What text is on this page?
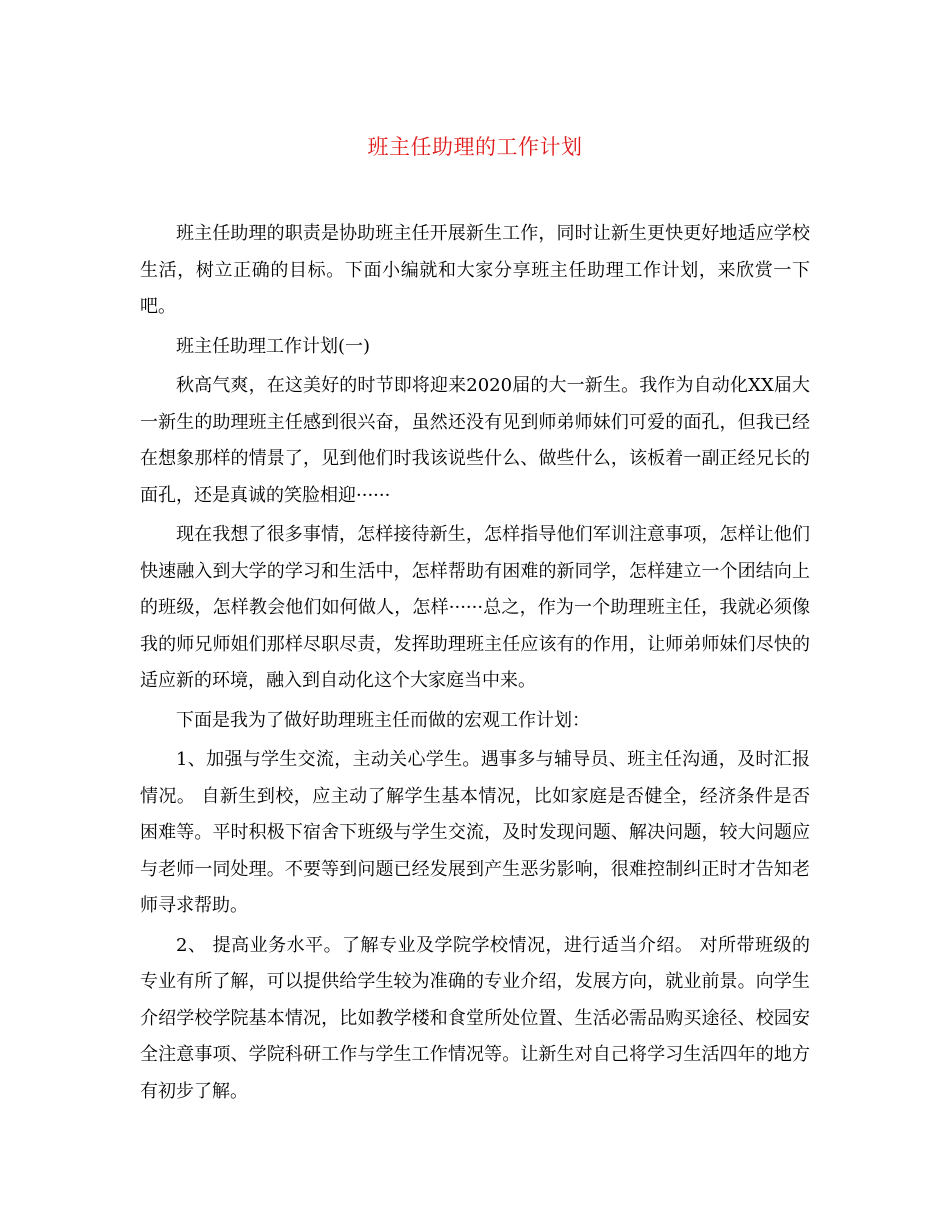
班主任助理的工作计划

班主任助理的职责是协助班主任开展新生工作，同时让新生更快更好地适应学校生活，树立正确的目标。下面小编就和大家分享班主任助理工作计划，来欣赏一下吧。

班主任助理工作计划(一)

秋高气爽，在这美好的时节即将迎来2020届的大一新生。我作为自动化XX届大一新生的助理班主任感到很兴奋，虽然还没有见到师弟师妹们可爱的面孔，但我已经在想象那样的情景了，见到他们时我该说些什么、做些什么，该板着一副正经兄长的面孔，还是真诚的笑脸相迎······

现在我想了很多事情，怎样接待新生，怎样指导他们军训注意事项，怎样让他们快速融入到大学的学习和生活中，怎样帮助有困难的新同学，怎样建立一个团结向上的班级，怎样教会他们如何做人，怎样······总之，作为一个助理班主任，我就必须像我的师兄师姐们那样尽职尽责，发挥助理班主任应该有的作用，让师弟师妹们尽快的适应新的环境，融入到自动化这个大家庭当中来。

下面是我为了做好助理班主任而做的宏观工作计划：

1、加强与学生交流，主动关心学生。遇事多与辅导员、班主任沟通，及时汇报情况。 自新生到校，应主动了解学生基本情况，比如家庭是否健全，经济条件是否困难等。平时积极下宿舍下班级与学生交流，及时发现问题、解决问题，较大问题应与老师一同处理。不要等到问题已经发展到产生恶劣影响，很难控制纠正时才告知老师寻求帮助。

2、 提高业务水平。了解专业及学院学校情况，进行适当介绍。 对所带班级的专业有所了解，可以提供给学生较为准确的专业介绍，发展方向，就业前景。向学生介绍学校学院基本情况，比如教学楼和食堂所处位置、生活必需品购买途径、校园安全注意事项、学院科研工作与学生工作情况等。让新生对自己将学习生活四年的地方有初步了解。
